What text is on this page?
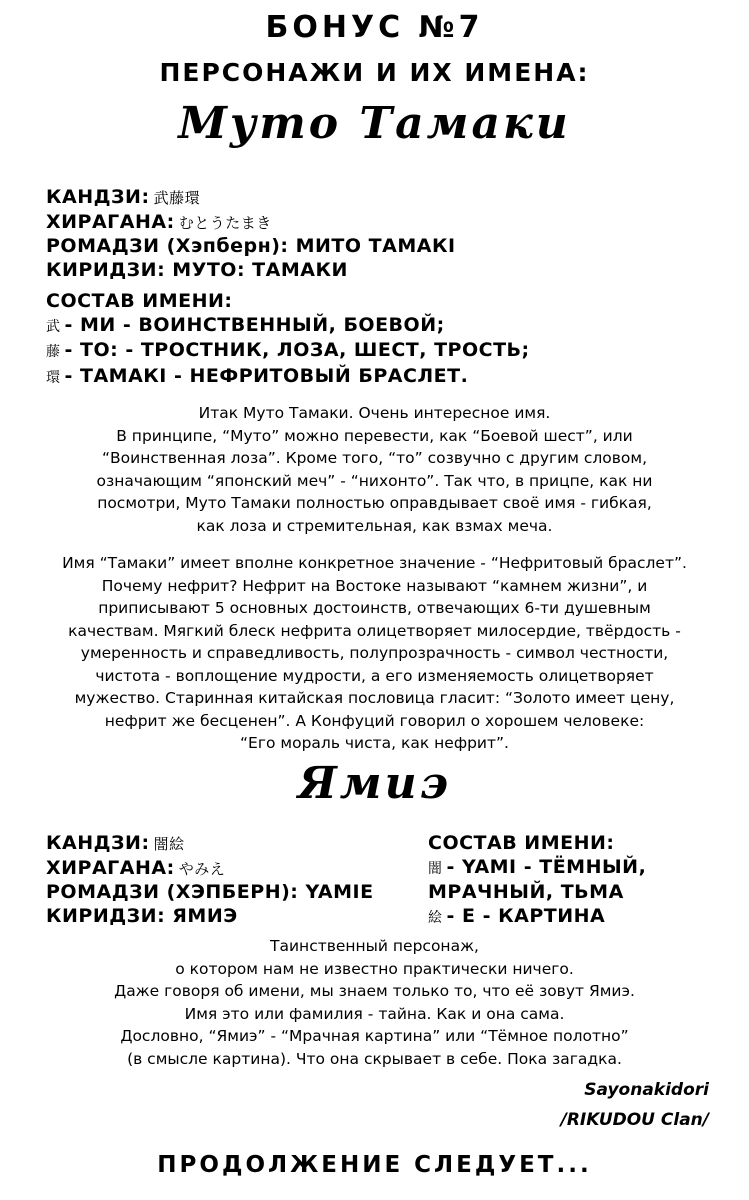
БОНУС №7
ПЕРСОНАЖИ И ИХ ИМЕНА:
Муто Тамаки
КАНДЗИ: 武藤環
ХИРАГАНА: むとうたまき
РОМАДЗИ (Хэпберн): МИТО ТАМАКI
КИРИДЗИ: МУТО: ТАМАКИ
СОСТАВ ИМЕНИ:
武 - МИ - ВОИНСТВЕННЫЙ, БОЕВОЙ;
藤 - ТО: - ТРОСТНИК, ЛОЗА, ШЕСТ, ТРОСТЬ;
環 - ТАМАКI - НЕФРИТОВЫЙ БРАСЛЕТ.
Итак Муто Тамаки. Очень интересное имя.
В принципе, “Муто” можно перевести, как “Боевой шест”, или
“Воинственная лоза”. Кроме того, “то” созвучно с другим словом,
означающим “японский меч” - “нихонто”. Так что, в прицпе, как ни
посмотри, Муто Тамаки полностью оправдывает своё имя - гибкая,
как лоза и стремительная, как взмах меча.
Имя “Тамаки” имеет вполне конкретное значение - “Нефритовый браслет”.
Почему нефрит? Нефрит на Востоке называют “камнем жизни”, и
приписывают 5 основных достоинств, отвечающих 6-ти душевным
качествам. Мягкий блеск нефрита олицетворяет милосердие, твёрдость -
умеренность и справедливость, полупрозрачность - символ честности,
чистота - воплощение мудрости, а его изменяемость олицетворяет
мужество. Старинная китайская пословица гласит: “Золото имеет цену,
нефрит же бесценен”. А Конфуций говорил о хорошем человеке:
“Его мораль чиста, как нефрит”.
Ямиэ
КАНДЗИ: 闇絵
ХИРАГАНА: やみえ
РОМАДЗИ (ХЭПБЕРН): YAMIE
КИРИДЗИ: ЯМИЭ
СОСТАВ ИМЕНИ:
闇 - YAMI - ТЁМНЫЙ,
МРАЧНЫЙ, ТЬМА
絵 - Е - КАРТИНА
Таинственный персонаж,
о котором нам не известно практически ничего.
Даже говоря об имени, мы знаем только то, что её зовут Ямиэ.
Имя это или фамилия - тайна. Как и она сама.
Дословно, “Ямиэ” - “Мрачная картина” или “Тёмное полотно”
(в смысле картина). Что она скрывает в себе. Пока загадка.
Sayonakidori
/RIKUDOU Clan/
ПРОДОЛЖЕНИЕ СЛЕДУЕТ...
